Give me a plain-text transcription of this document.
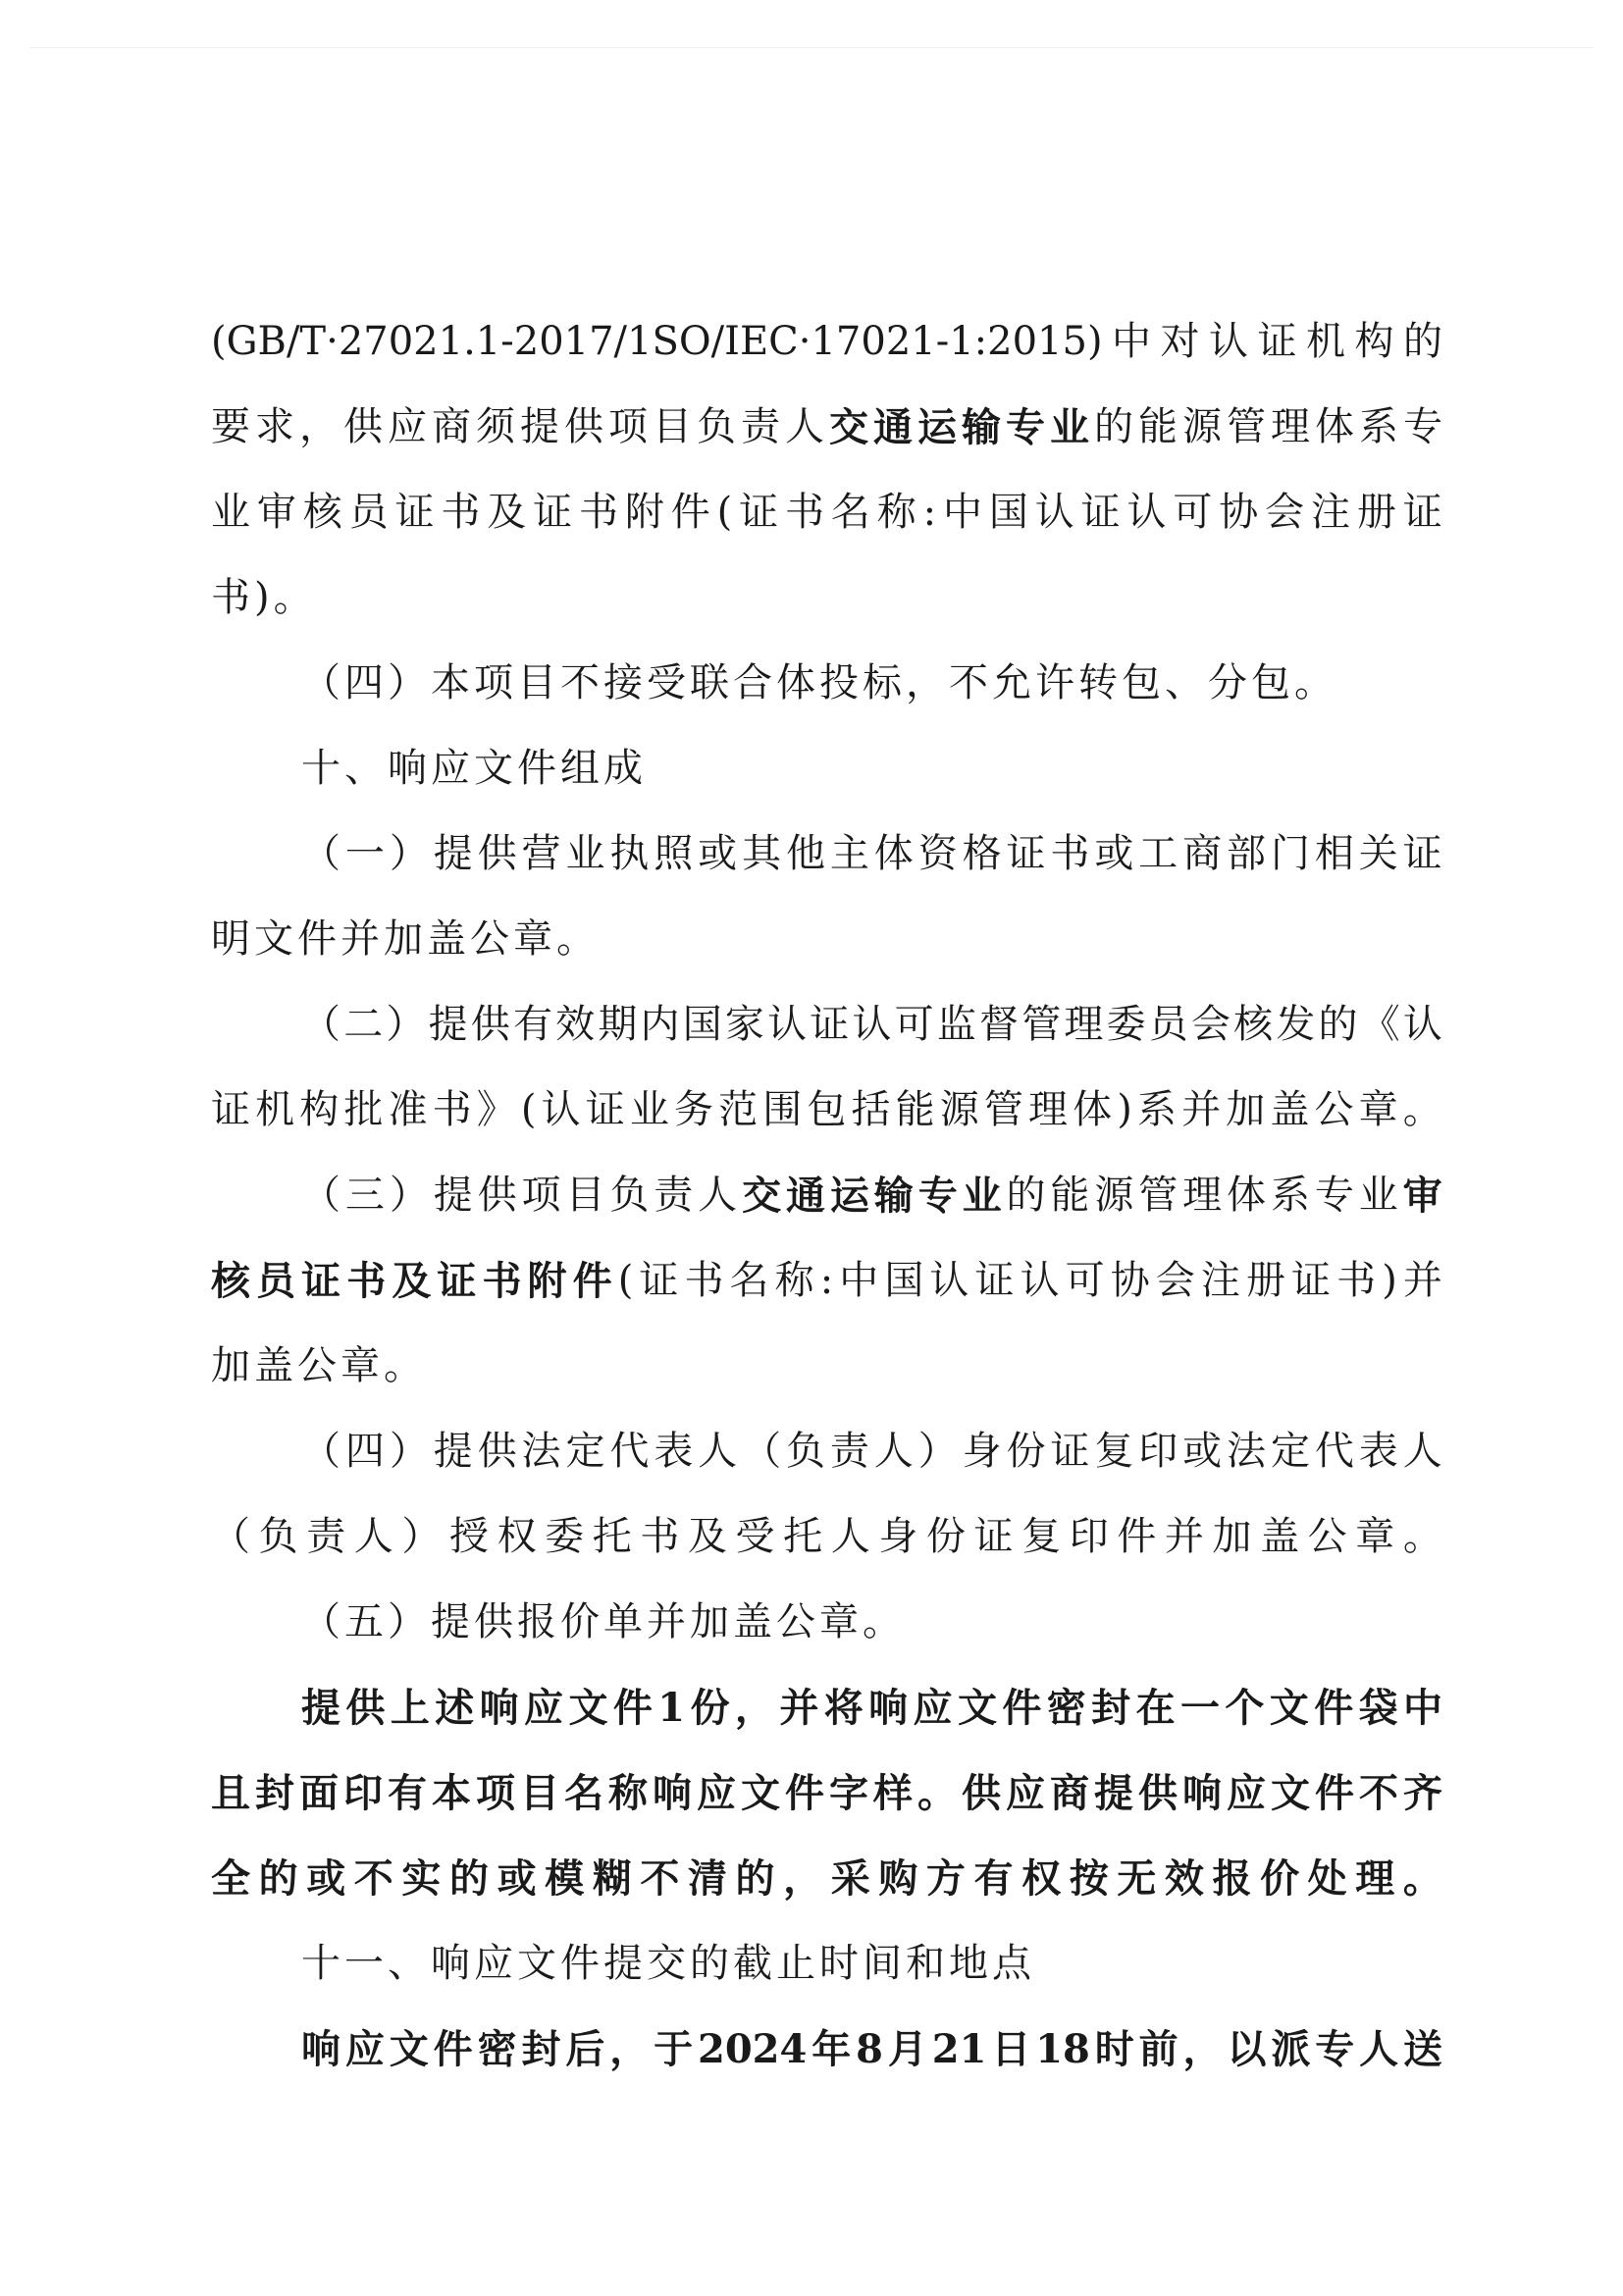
(GB/T·27021.1-2017/1SO/IEC·17021-1:2015) 中 对 认 证 机 构 的
要 求 ， 供 应 商 须 提 供 项 目 负 责 人 交 通 运 输 专 业 的 能 源 管 理 体 系 专
业 审 核 员 证 书 及 证 书 附 件 ( 证 书 名 称 : 中 国 认 证 认 可 协 会 注 册 证
书)。
（四）本项目不接受联合体投标，不允许转包、分包。
十、响应文件组成
（ 一 ） 提 供 营 业 执 照 或 其 他 主 体 资 格 证 书 或 工 商 部 门 相 关 证
明文件并加盖公章。
（ 二 ） 提 供 有 效 期 内 国 家 认 证 认 可 监 督 管 理 委 员 会 核 发 的 《 认
证 机 构 批 准 书 》 ( 认 证 业 务 范 围 包 括 能 源 管 理 体 ) 系 并 加 盖 公 章 。
（ 三 ） 提 供 项 目 负 责 人 交 通 运 输 专 业 的 能 源 管 理 体 系 专 业 审
核 员 证 书 及 证 书 附 件 ( 证 书 名 称 : 中 国 认 证 认 可 协 会 注 册 证 书 ) 并
加盖公章。
（ 四 ） 提 供 法 定 代 表 人 （ 负 责 人 ） 身 份 证 复 印 或 法 定 代 表 人
（ 负 责 人 ） 授 权 委 托 书 及 受 托 人 身 份 证 复 印 件 并 加 盖 公 章 。
（五）提供报价单并加盖公章。
提 供 上 述 响 应 文 件 1 份 ， 并 将 响 应 文 件 密 封 在 一 个 文 件 袋 中
且 封 面 印 有 本 项 目 名 称 响 应 文 件 字 样 。 供 应 商 提 供 响 应 文 件 不 齐
全 的 或 不 实 的 或 模 糊 不 清 的 ， 采 购 方 有 权 按 无 效 报 价 处 理 。
十一、响应文件提交的截止时间和地点
响 应 文 件 密 封 后 ， 于 2024 年 8 月 21 日 18 时 前 ， 以 派 专 人 送
